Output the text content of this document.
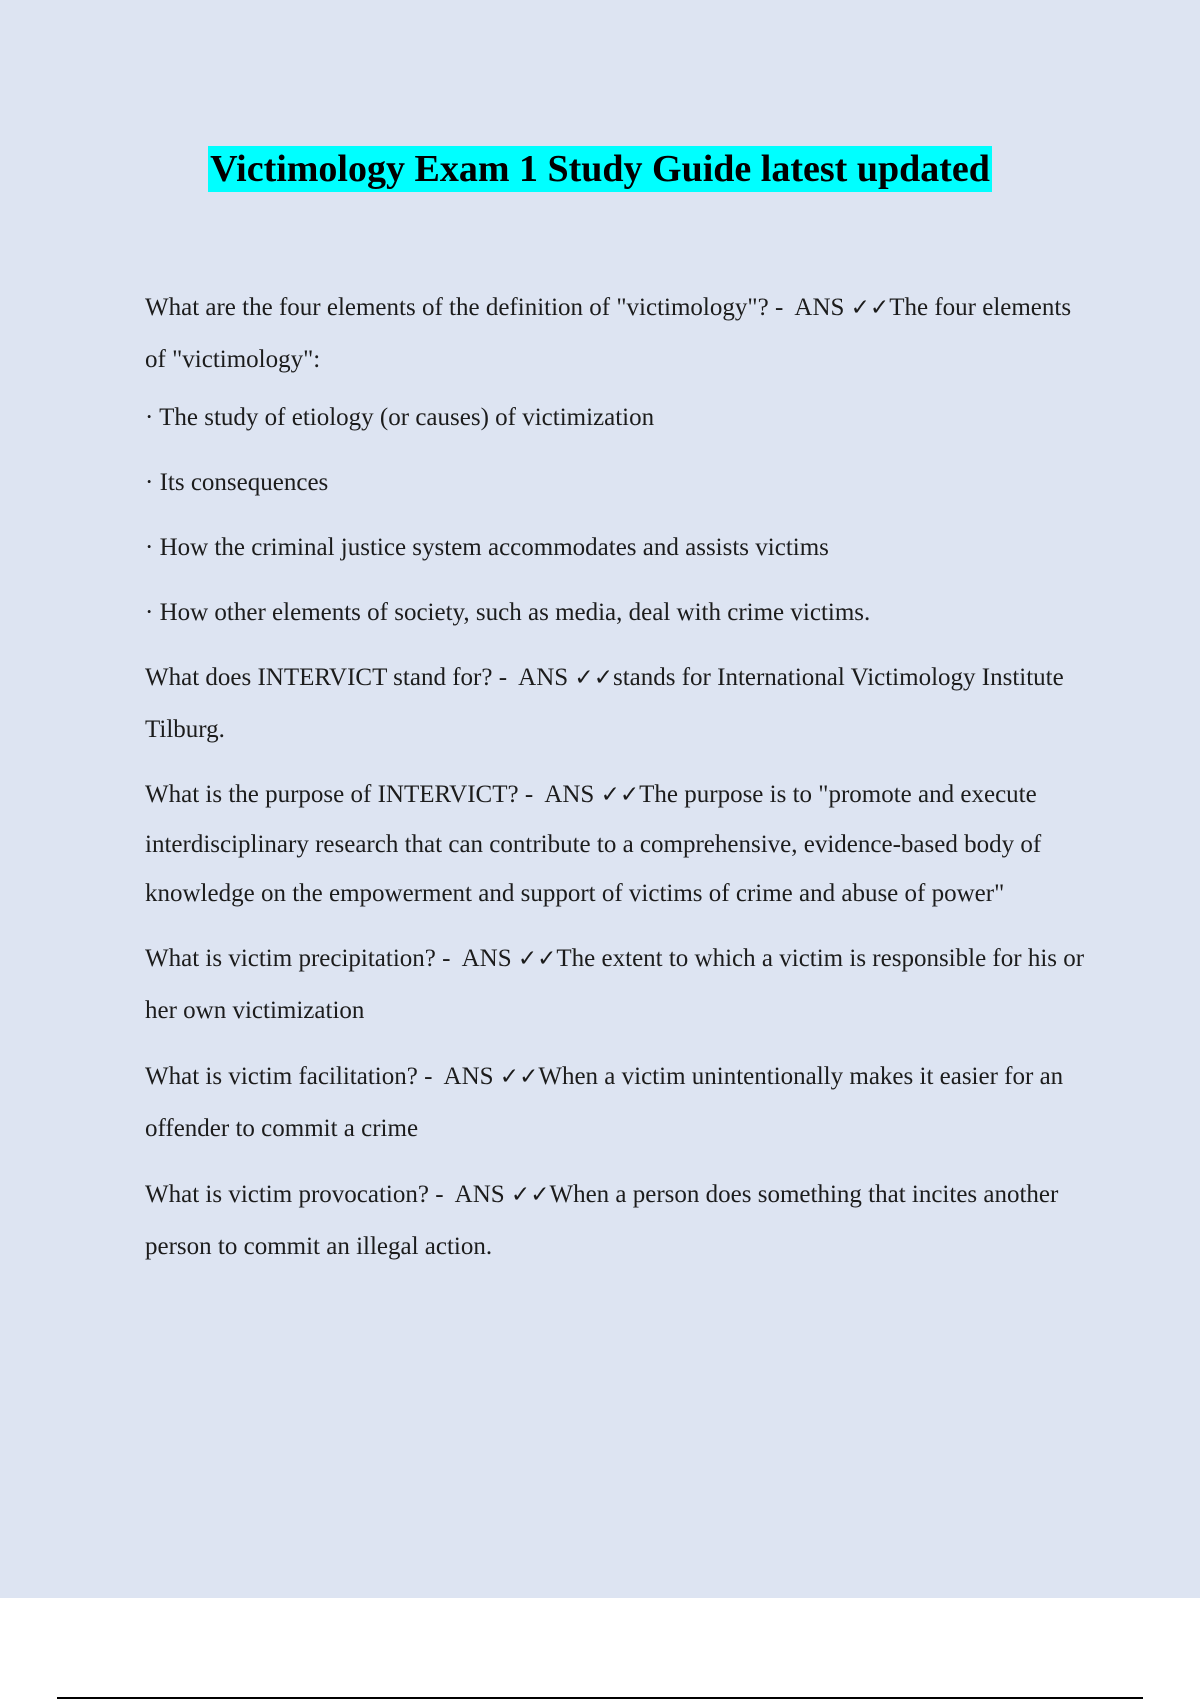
Victimology Exam 1 Study Guide latest updated
What are the four elements of the definition of "victimology"? -  ANS ✓✓The four elements of "victimology":
· The study of etiology (or causes) of victimization
· Its consequences
· How the criminal justice system accommodates and assists victims
· How other elements of society, such as media, deal with crime victims.
What does INTERVICT stand for? -  ANS ✓✓stands for International Victimology Institute Tilburg.
What is the purpose of INTERVICT? -  ANS ✓✓The purpose is to "promote and execute interdisciplinary research that can contribute to a comprehensive, evidence-based body of knowledge on the empowerment and support of victims of crime and abuse of power"
What is victim precipitation? -  ANS ✓✓The extent to which a victim is responsible for his or her own victimization
What is victim facilitation? -  ANS ✓✓When a victim unintentionally makes it easier for an offender to commit a crime
What is victim provocation? -  ANS ✓✓When a person does something that incites another person to commit an illegal action.
